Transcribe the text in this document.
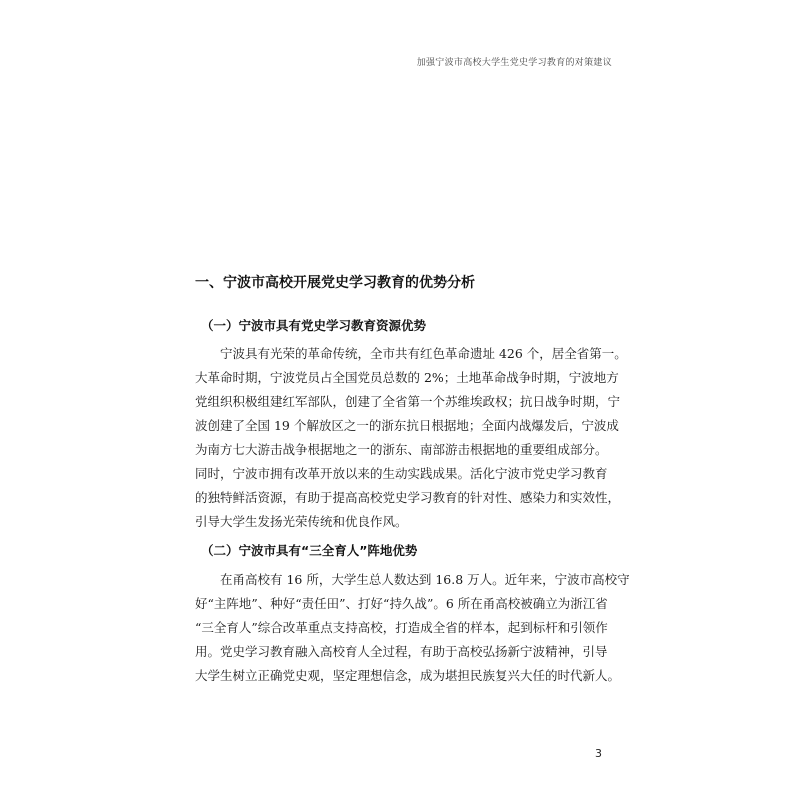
加强宁波市高校大学生党史学习教育的对策建议
一、宁波市高校开展党史学习教育的优势分析
（一）宁波市具有党史学习教育资源优势
宁波具有光荣的革命传统，全市共有红色革命遗址 426 个，居全省第一。
大革命时期，宁波党员占全国党员总数的 2%；土地革命战争时期，宁波地方
党组织积极组建红军部队，创建了全省第一个苏维埃政权；抗日战争时期，宁
波创建了全国 19 个解放区之一的浙东抗日根据地；全面内战爆发后，宁波成
为南方七大游击战争根据地之一的浙东、南部游击根据地的重要组成部分。
同时，宁波市拥有改革开放以来的生动实践成果。活化宁波市党史学习教育
的独特鲜活资源，有助于提高高校党史学习教育的针对性、感染力和实效性，
引导大学生发扬光荣传统和优良作风。
（二）宁波市具有“三全育人”阵地优势
在甬高校有 16 所，大学生总人数达到 16.8 万人。近年来，宁波市高校守
好“主阵地”、种好“责任田”、打好“持久战”。6 所在甬高校被确立为浙江省
“三全育人”综合改革重点支持高校，打造成全省的样本，起到标杆和引领作
用。党史学习教育融入高校育人全过程，有助于高校弘扬新宁波精神，引导
大学生树立正确党史观，坚定理想信念，成为堪担民族复兴大任的时代新人。
3
